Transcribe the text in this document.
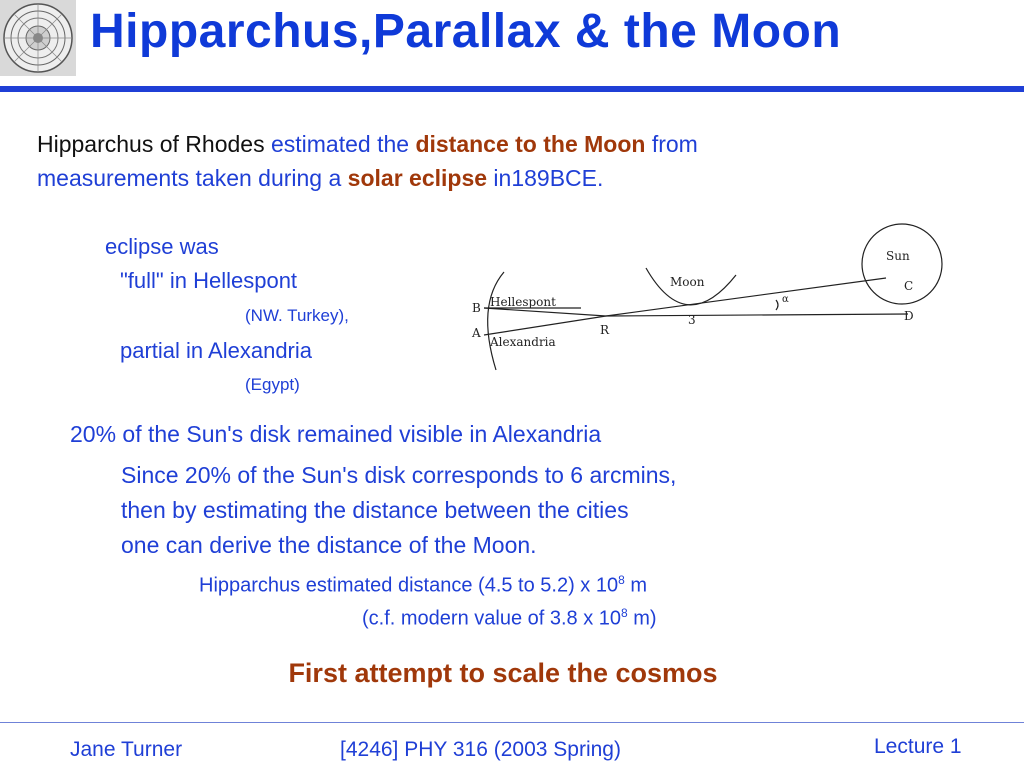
Hipparchus,Parallax & the Moon
Hipparchus of Rhodes estimated the distance to the Moon from
measurements taken during a solar eclipse in189BCE.
eclipse was
"full" in Hellespont
(NW. Turkey),
partial in Alexandria
(Egypt)
Hellespont
Alexandria
Moon
Sun
B
A	R
3
C
D
α
20% of the Sun's disk remained visible in Alexandria
Since 20% of the Sun's disk corresponds to 6 arcmins,
then by estimating the distance between the cities
one can derive the distance of the Moon.
Hipparchus estimated distance (4.5 to 5.2) x $10^8$ m
(c.f. modern value of 3.8 x $10^8$ m)
First attempt to scale the cosmos
Jane Turner	[4246] PHY 316 (2003 Spring)	Lecture 1
